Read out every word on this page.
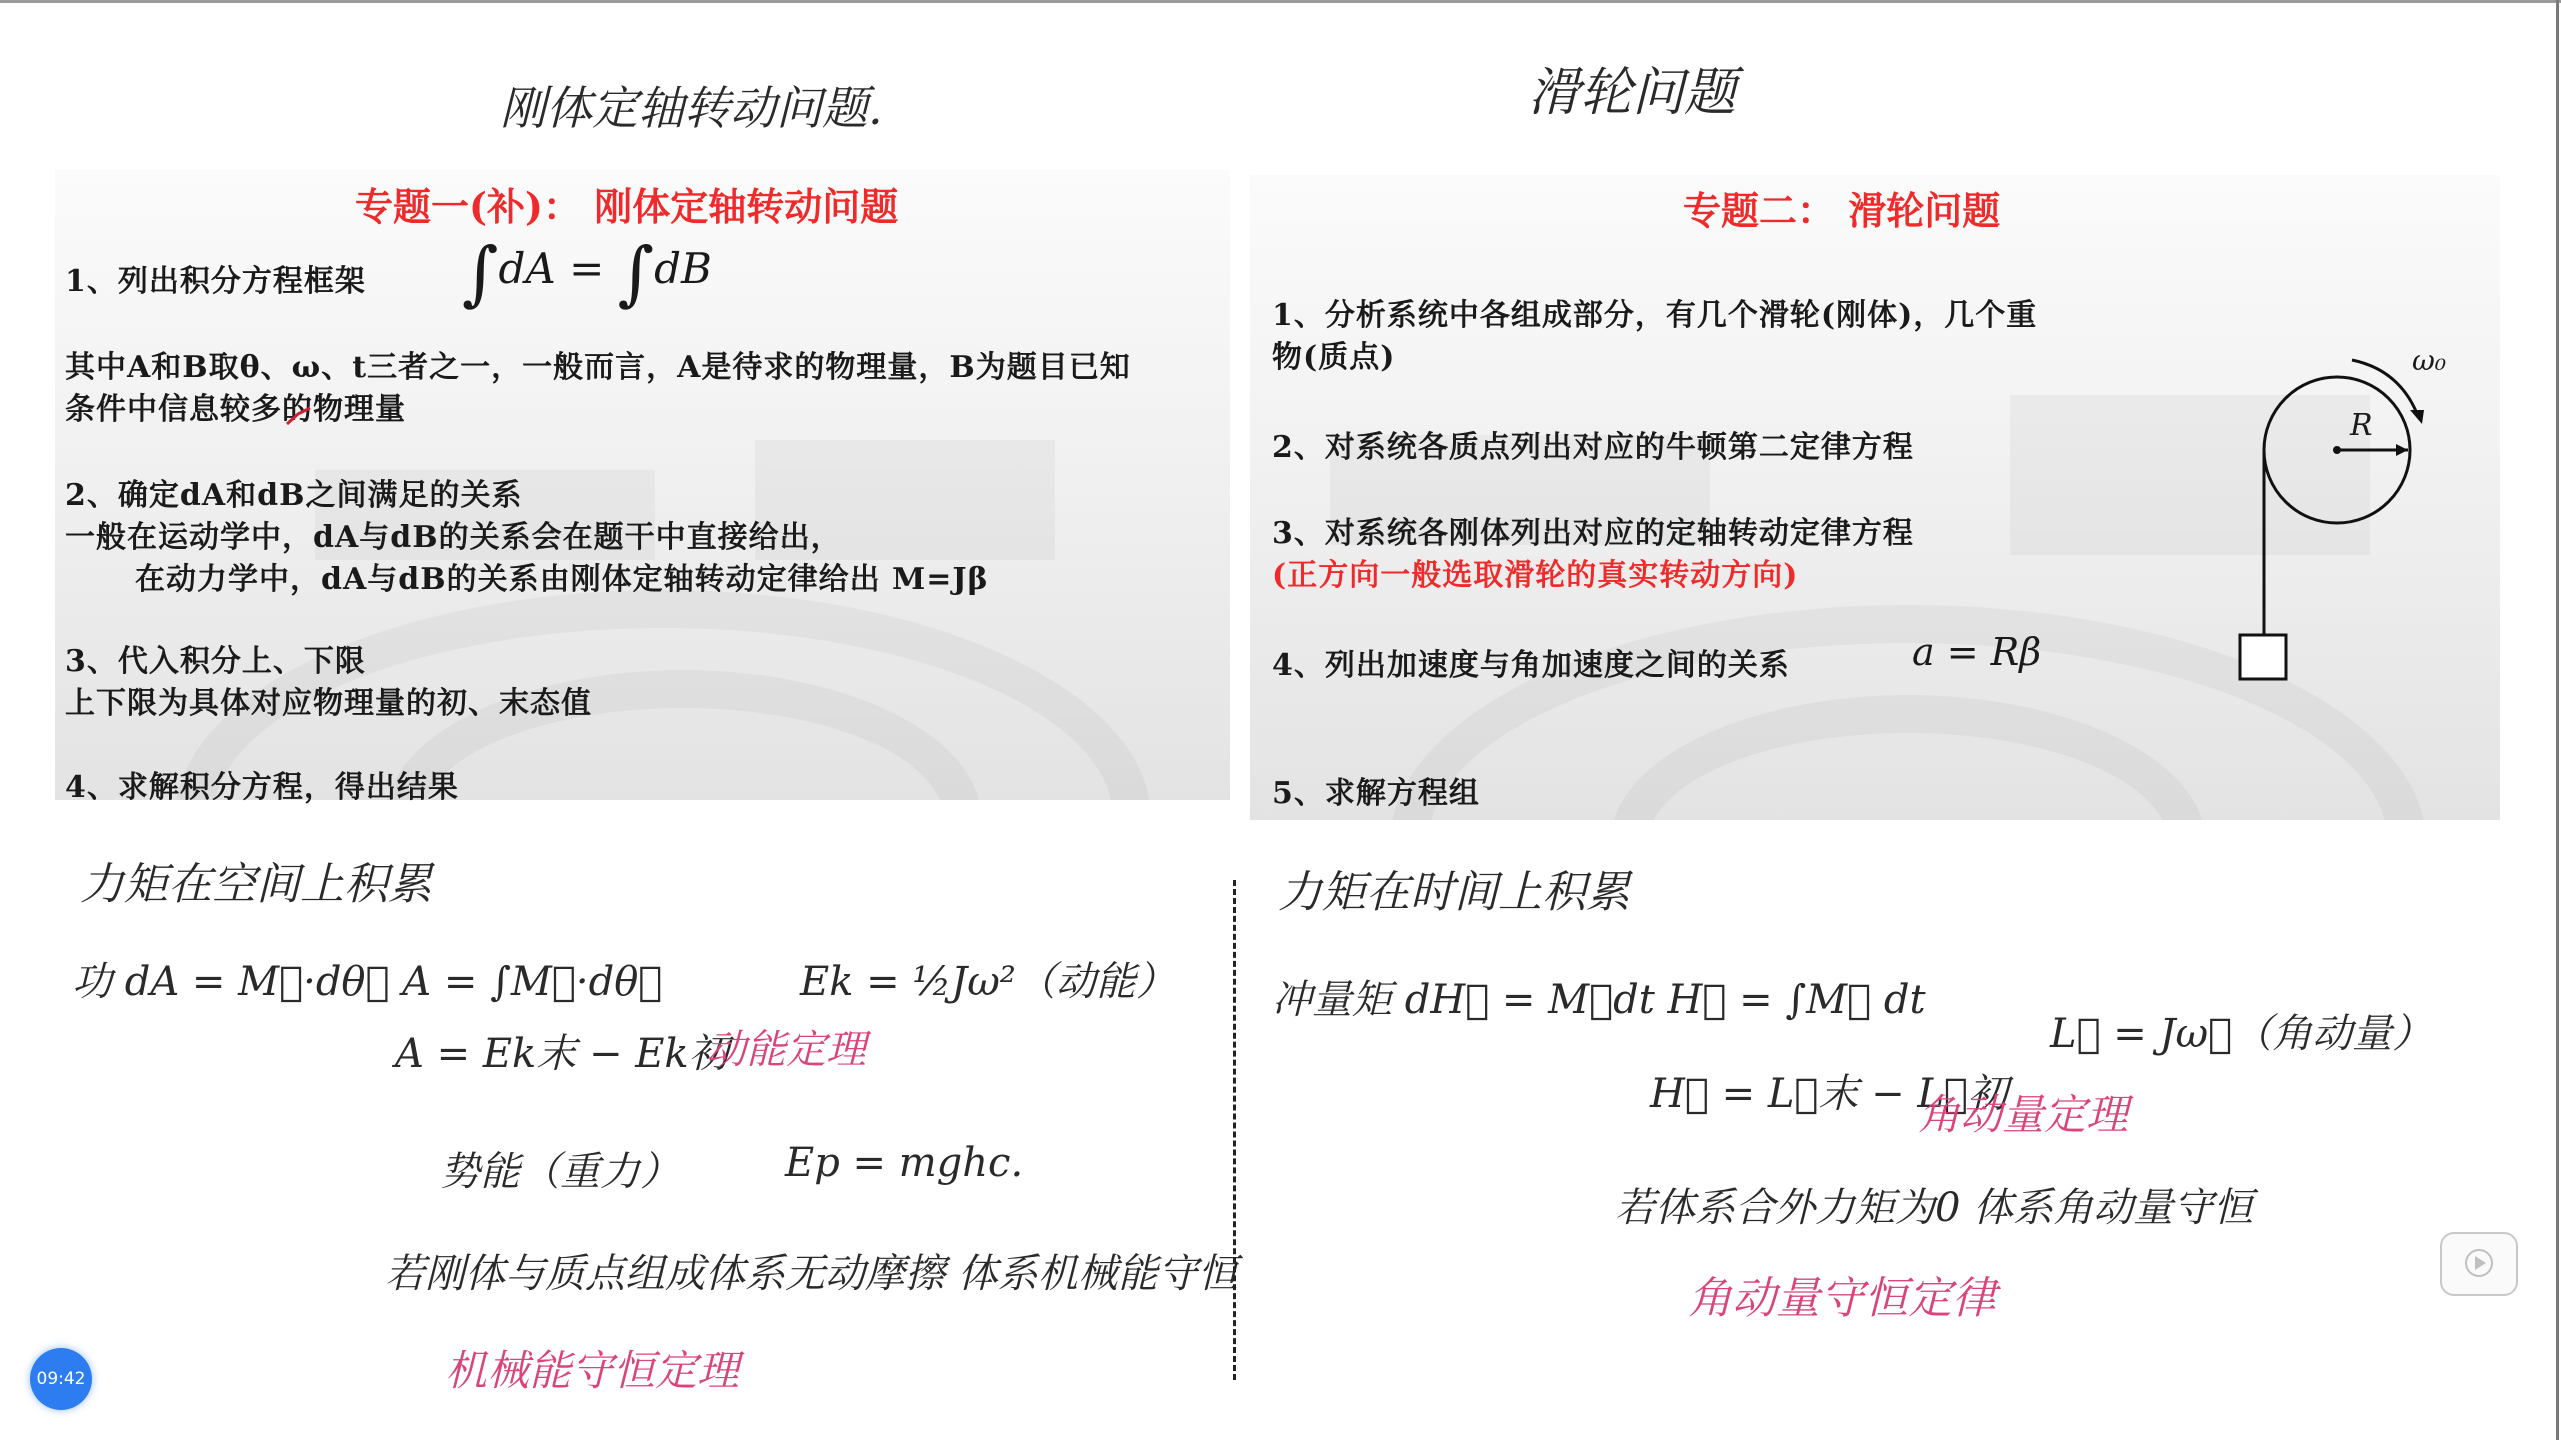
刚体定轴转动问题.	滑轮问题
专题一(补)： 刚体定轴转动问题
1、列出积分方程框架 ∫dA = ∫dB
其中A和B取θ、ω、t三者之一，一般而言，A是待求的物理量，B为题目已知
条件中信息较多的物理量
2、确定dA和dB之间满足的关系
一般在运动学中，dA与dB的关系会在题干中直接给出，
在动力学中，dA与dB的关系由刚体定轴转动定律给出 M=Jβ
3、代入积分上、下限
上下限为具体对应物理量的初、末态值
4、求解积分方程，得出结果
专题二： 滑轮问题
1、分析系统中各组成部分，有几个滑轮(刚体)，几个重
物(质点)
2、对系统各质点列出对应的牛顿第二定律方程
3、对系统各刚体列出对应的定轴转动定律方程
(正方向一般选取滑轮的真实转动方向)
4、列出加速度与角加速度之间的关系	a = Rβ
5、求解方程组
R
ω₀
力矩在空间上积累
功 dA = M⃗·dθ⃗ A = ∫M⃗·dθ⃗	Ek = ½Jω²（动能）
A = Ek末 − Ek初
动能定理
势能（重力）	Ep = mghc.
若刚体与质点组成体系无动摩擦 体系机械能守恒
机械能守恒定理
力矩在时间上积累
冲量矩 dH⃗ = M⃗dt H⃗ = ∫M⃗ dt
L⃗ = Jω⃗（角动量）
H⃗ = L⃗末 − L⃗初
角动量定理
若体系合外力矩为0 体系角动量守恒
角动量守恒定律
09:42
